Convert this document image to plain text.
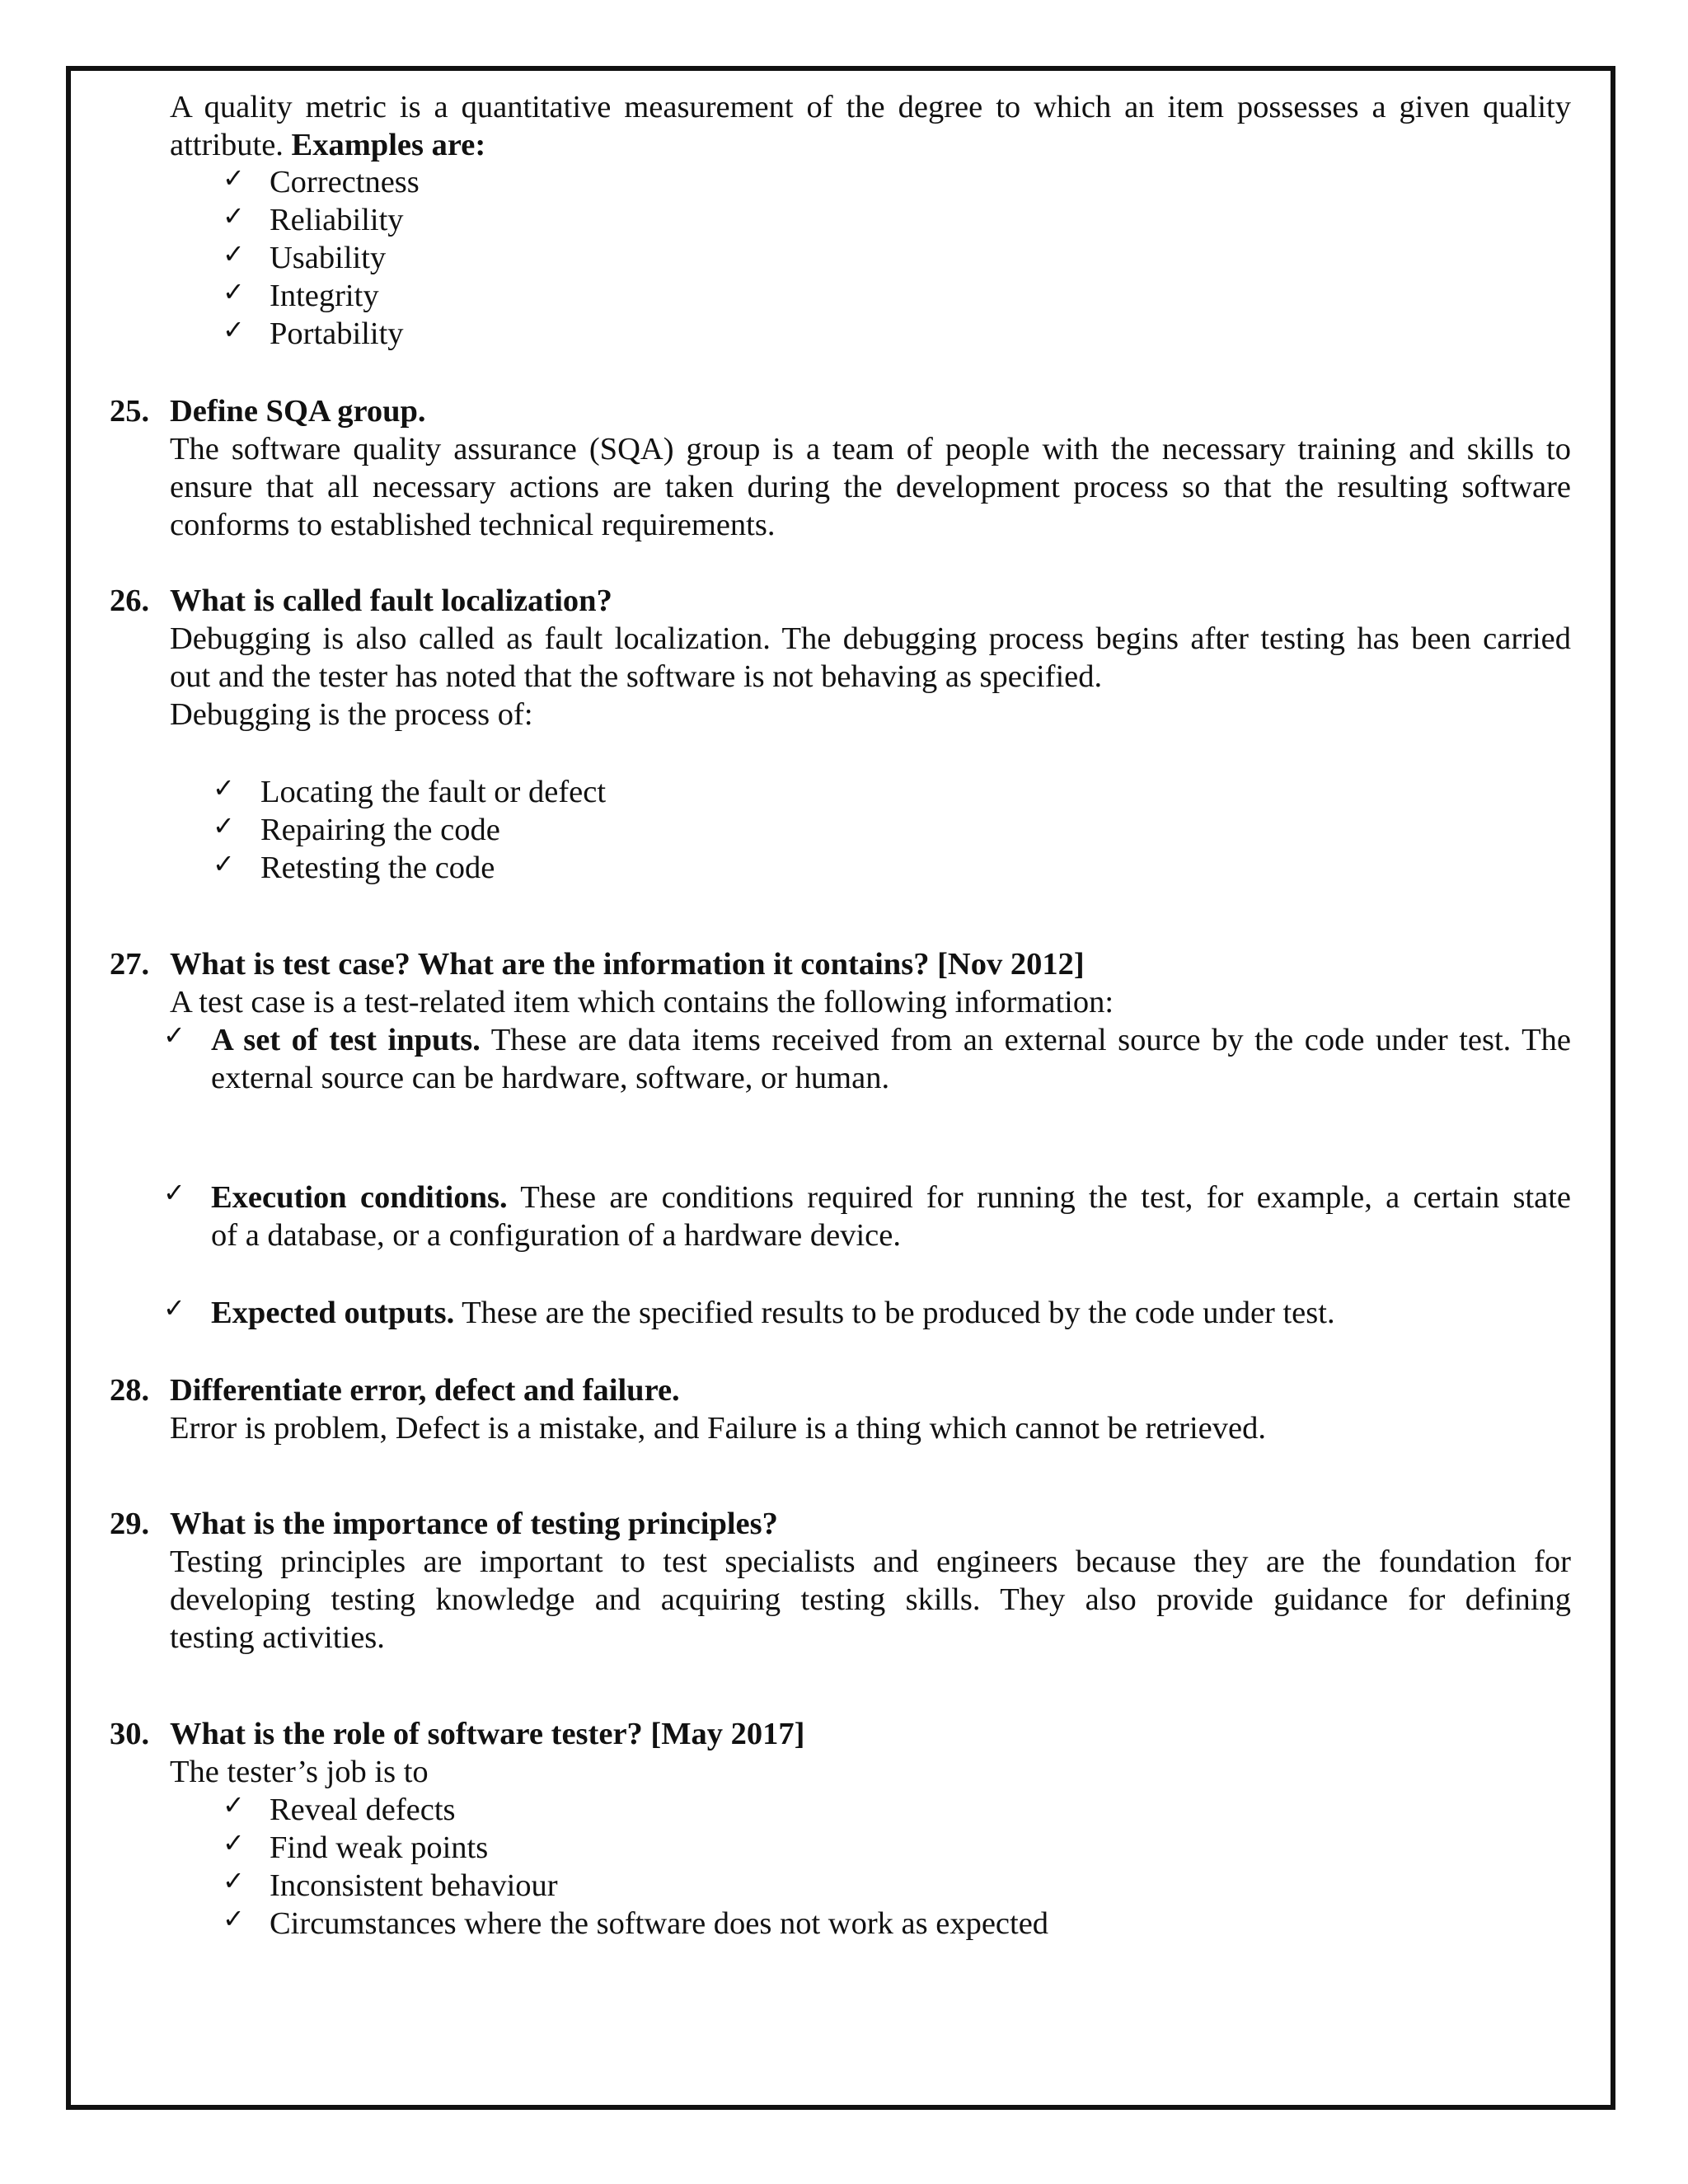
A quality metric is a quantitative measurement of the degree to which an item possesses a given quality
attribute. Examples are:
✓ Correctness
✓ Reliability
✓ Usability
✓ Integrity
✓ Portability
25. Define SQA group.
The software quality assurance (SQA) group is a team of people with the necessary training and skills to
ensure that all necessary actions are taken during the development process so that the resulting software
conforms to established technical requirements.
26. What is called fault localization?
Debugging is also called as fault localization. The debugging process begins after testing has been carried
out and the tester has noted that the software is not behaving as specified.
Debugging is the process of:
✓ Locating the fault or defect
✓ Repairing the code
✓ Retesting the code
27. What is test case? What are the information it contains? [Nov 2012]
A test case is a test-related item which contains the following information:
✓ A set of test inputs. These are data items received from an external source by the code under test. The
external source can be hardware, software, or human.
✓ Execution conditions. These are conditions required for running the test, for example, a certain state
of a database, or a configuration of a hardware device.
✓ Expected outputs. These are the specified results to be produced by the code under test.
28. Differentiate error, defect and failure.
Error is problem, Defect is a mistake, and Failure is a thing which cannot be retrieved.
29. What is the importance of testing principles?
Testing principles are important to test specialists and engineers because they are the foundation for
developing testing knowledge and acquiring testing skills. They also provide guidance for defining
testing activities.
30. What is the role of software tester? [May 2017]
The tester’s job is to
✓ Reveal defects
✓ Find weak points
✓ Inconsistent behaviour
✓ Circumstances where the software does not work as expected
